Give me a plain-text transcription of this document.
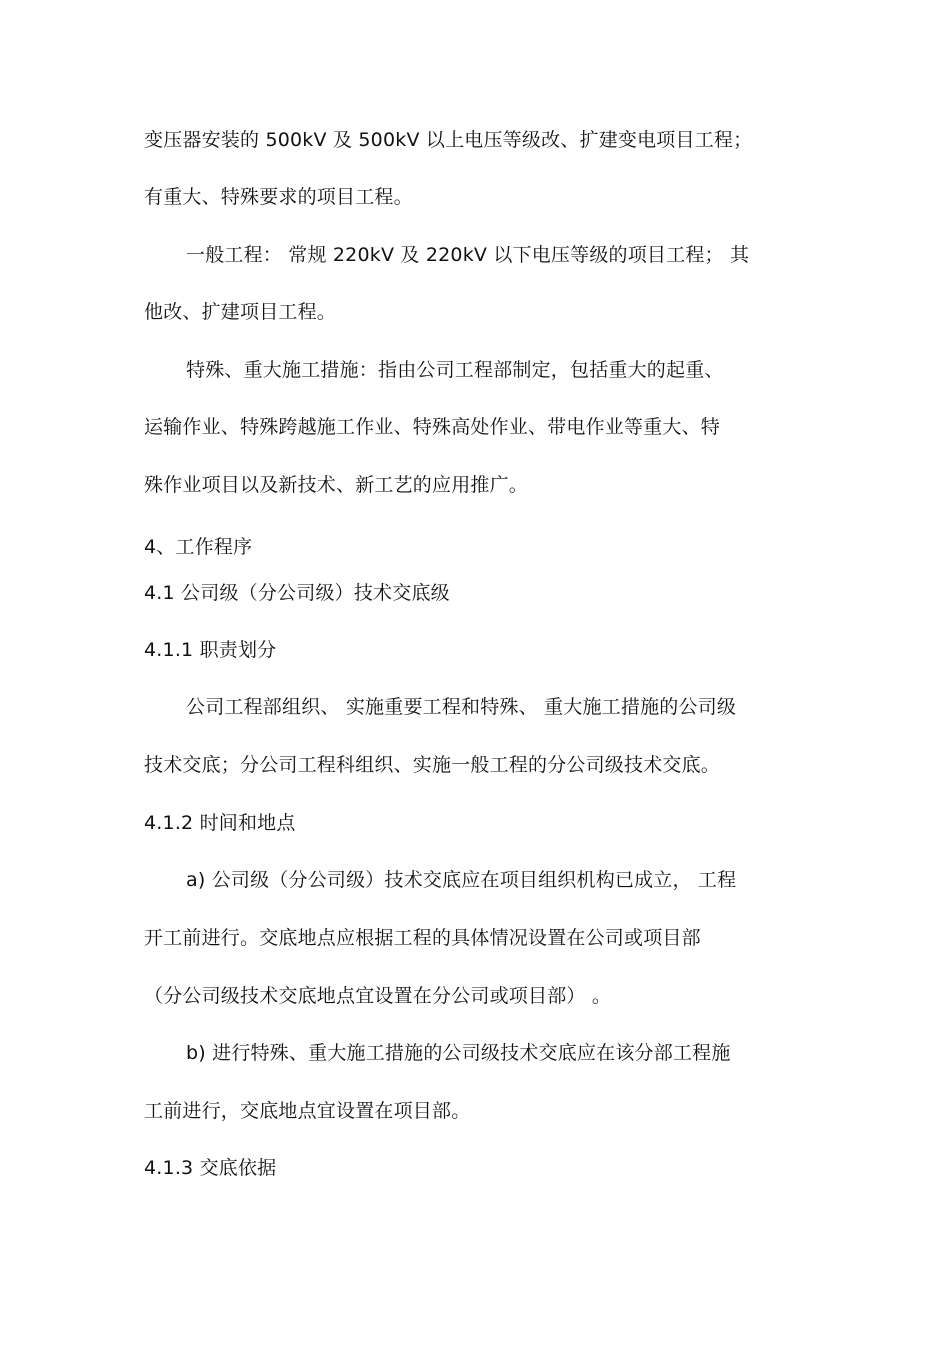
变压器安装的 500kV 及 500kV 以上电压等级改、扩建变电项目工程；
有重大、特殊要求的项目工程。
一般工程： 常规 220kV 及 220kV 以下电压等级的项目工程； 其
他改、扩建项目工程。
特殊、重大施工措施：指由公司工程部制定，包括重大的起重、
运输作业、特殊跨越施工作业、特殊高处作业、带电作业等重大、特
殊作业项目以及新技术、新工艺的应用推广。
4、工作程序
4.1 公司级（分公司级）技术交底级
4.1.1 职责划分
公司工程部组织、 实施重要工程和特殊、 重大施工措施的公司级
技术交底；分公司工程科组织、实施一般工程的分公司级技术交底。
4.1.2 时间和地点
a) 公司级（分公司级）技术交底应在项目组织机构已成立， 工程
开工前进行。交底地点应根据工程的具体情况设置在公司或项目部
（分公司级技术交底地点宜设置在分公司或项目部） 。
b) 进行特殊、重大施工措施的公司级技术交底应在该分部工程施
工前进行，交底地点宜设置在项目部。
4.1.3 交底依据
